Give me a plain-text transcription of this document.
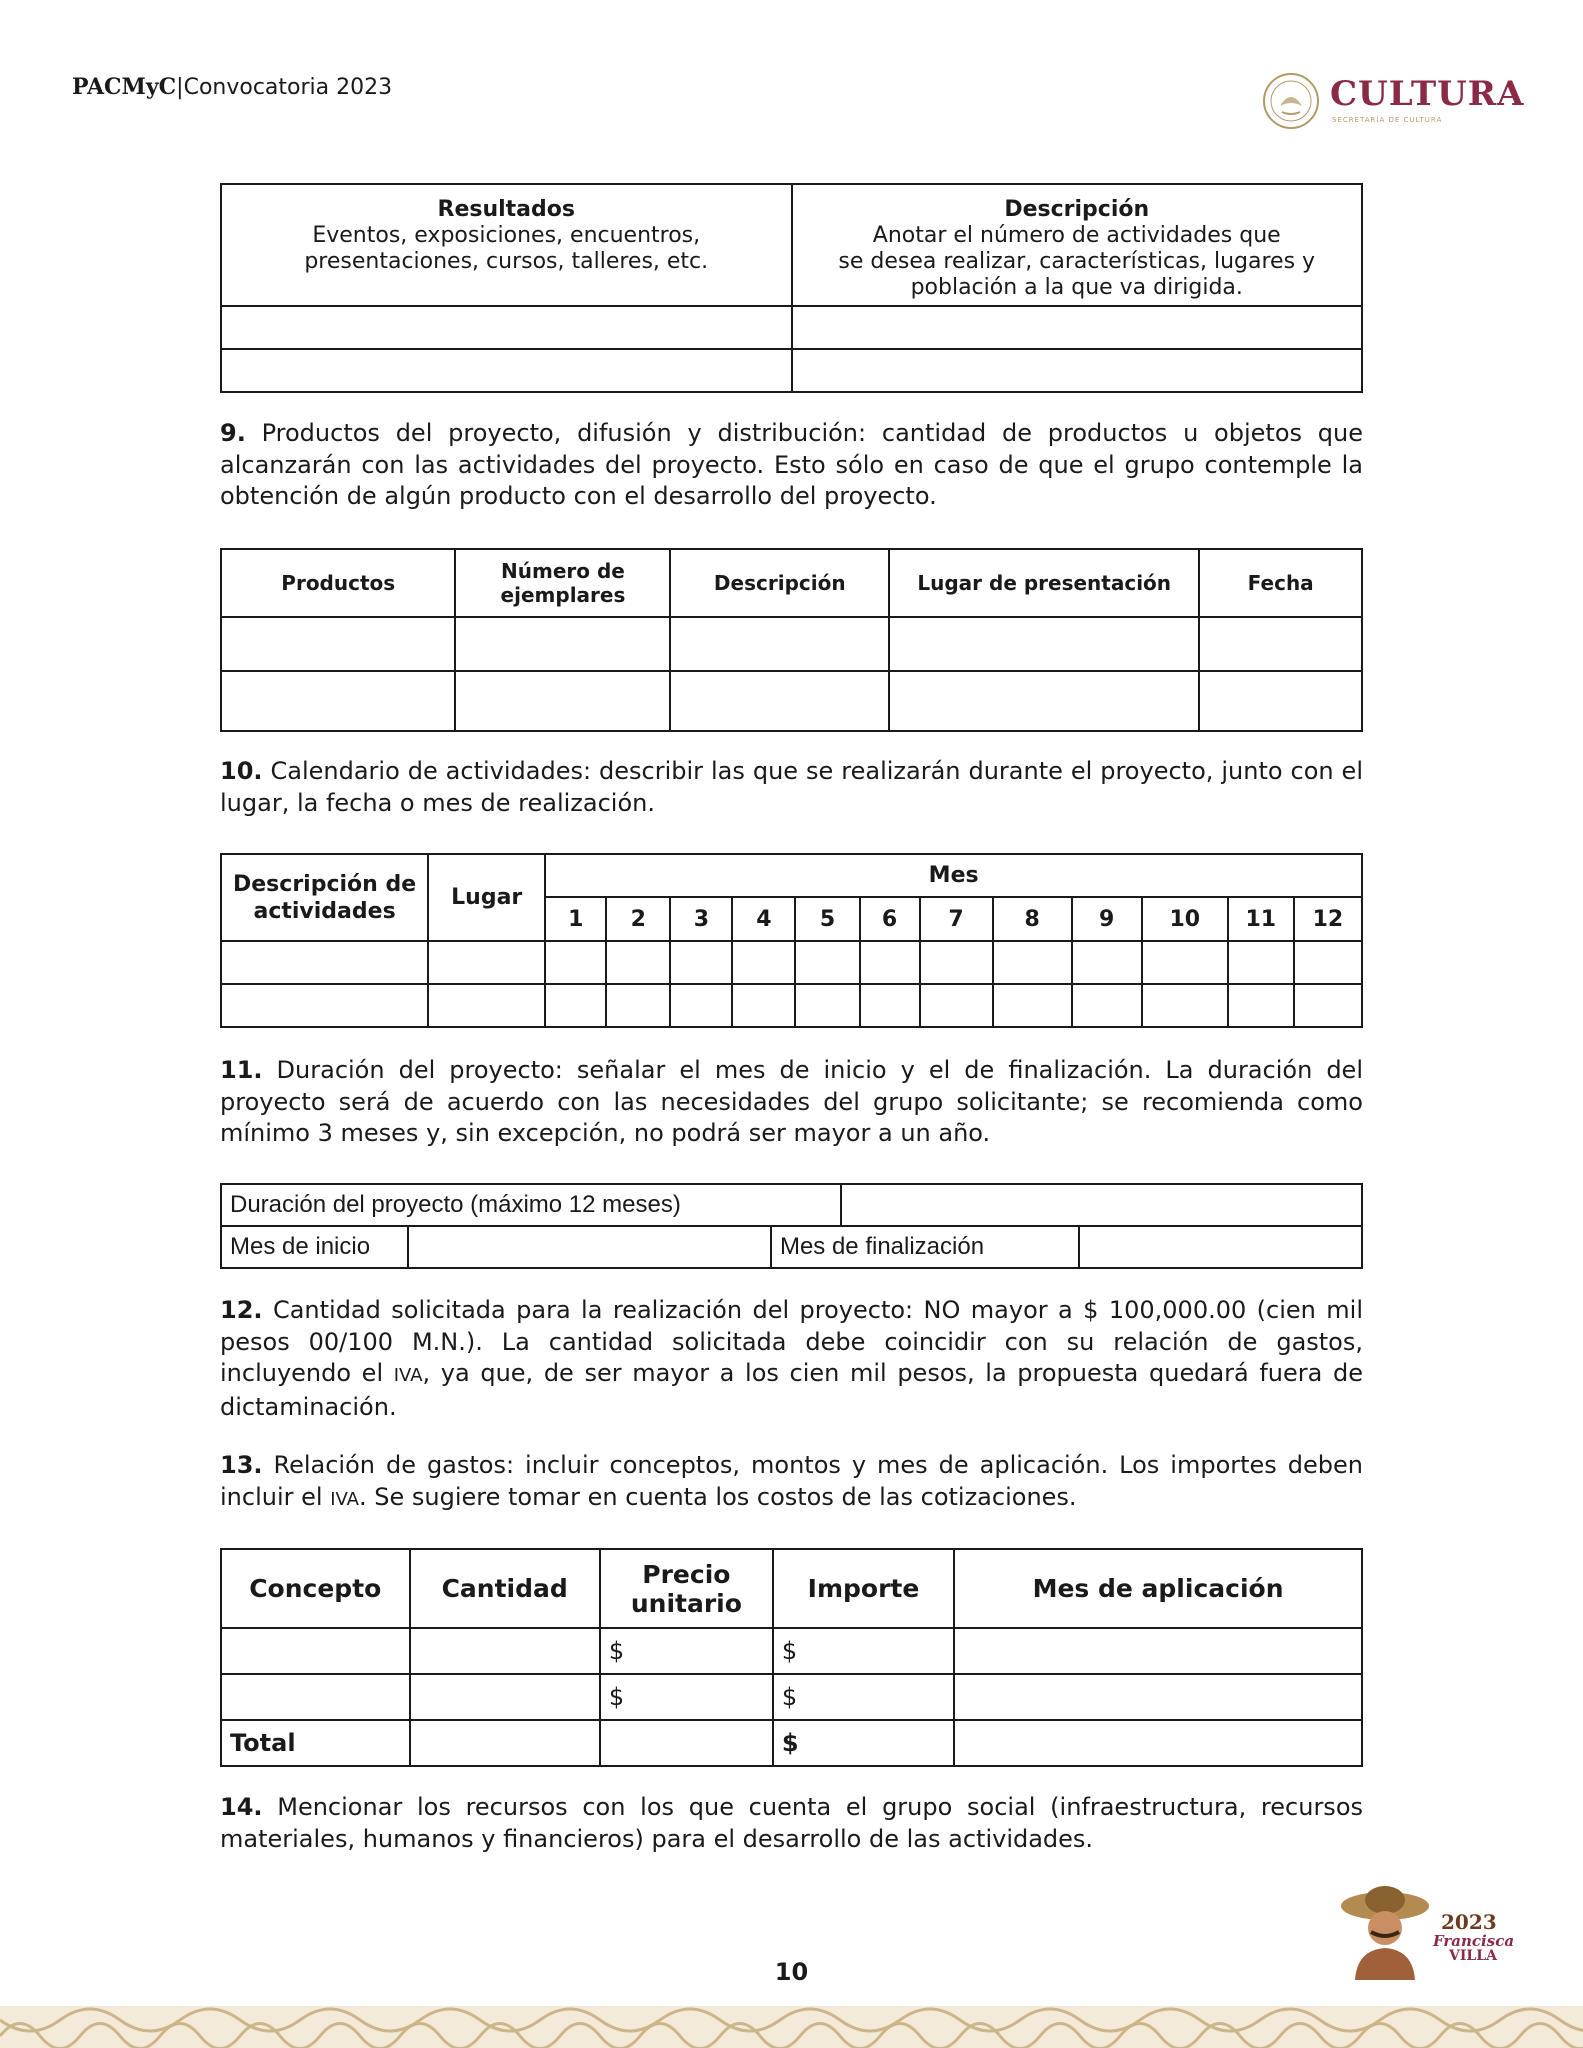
PACMyC|Convocatoria 2023	CULTURA
SECRETARÍA DE CULTURA
Resultados
Eventos, exposiciones, encuentros,
presentaciones, cursos, talleres, etc.	Descripción
Anotar el número de actividades que
se desea realizar, características, lugares y
población a la que va dirigida.

9. Productos del proyecto, difusión y distribución: cantidad de productos u objetos que alcanzarán con las actividades del proyecto. Esto sólo en caso de que el grupo contemple la obtención de algún producto con el desarrollo del proyecto.
Productos	Número de ejemplares	Descripción	Lugar de presentación	Fecha

10. Calendario de actividades: describir las que se realizarán durante el proyecto, junto con el lugar, la fecha o mes de realización.
Descripción de actividades	Lugar	Mes											
		1	2	3	4	5	6	7	8	9	10	11	12

11. Duración del proyecto: señalar el mes de inicio y el de finalización. La duración del proyecto será de acuerdo con las necesidades del grupo solicitante; se recomienda como mínimo 3 meses y, sin excepción, no podrá ser mayor a un año.
Duración del proyecto (máximo 12 meses)				
Mes de inicio		Mes de finalización		
12. Cantidad solicitada para la realización del proyecto: NO mayor a $ 100,000.00 (cien mil pesos 00/100 M.N.). La cantidad solicitada debe coincidir con su relación de gastos, incluyendo el IVA, ya que, de ser mayor a los cien mil pesos, la propuesta quedará fuera de dictaminación.
13. Relación de gastos: incluir conceptos, montos y mes de aplicación. Los importes deben incluir el IVA. Se sugiere tomar en cuenta los costos de las cotizaciones.
Concepto	Cantidad	Precio unitario	Importe	Mes de aplicación
		$	$	
		$	$	
Total			$	
14. Mencionar los recursos con los que cuenta el grupo social (infraestructura, recursos materiales, humanos y financieros) para el desarrollo de las actividades.
2023
Francisca
VILLA
10
